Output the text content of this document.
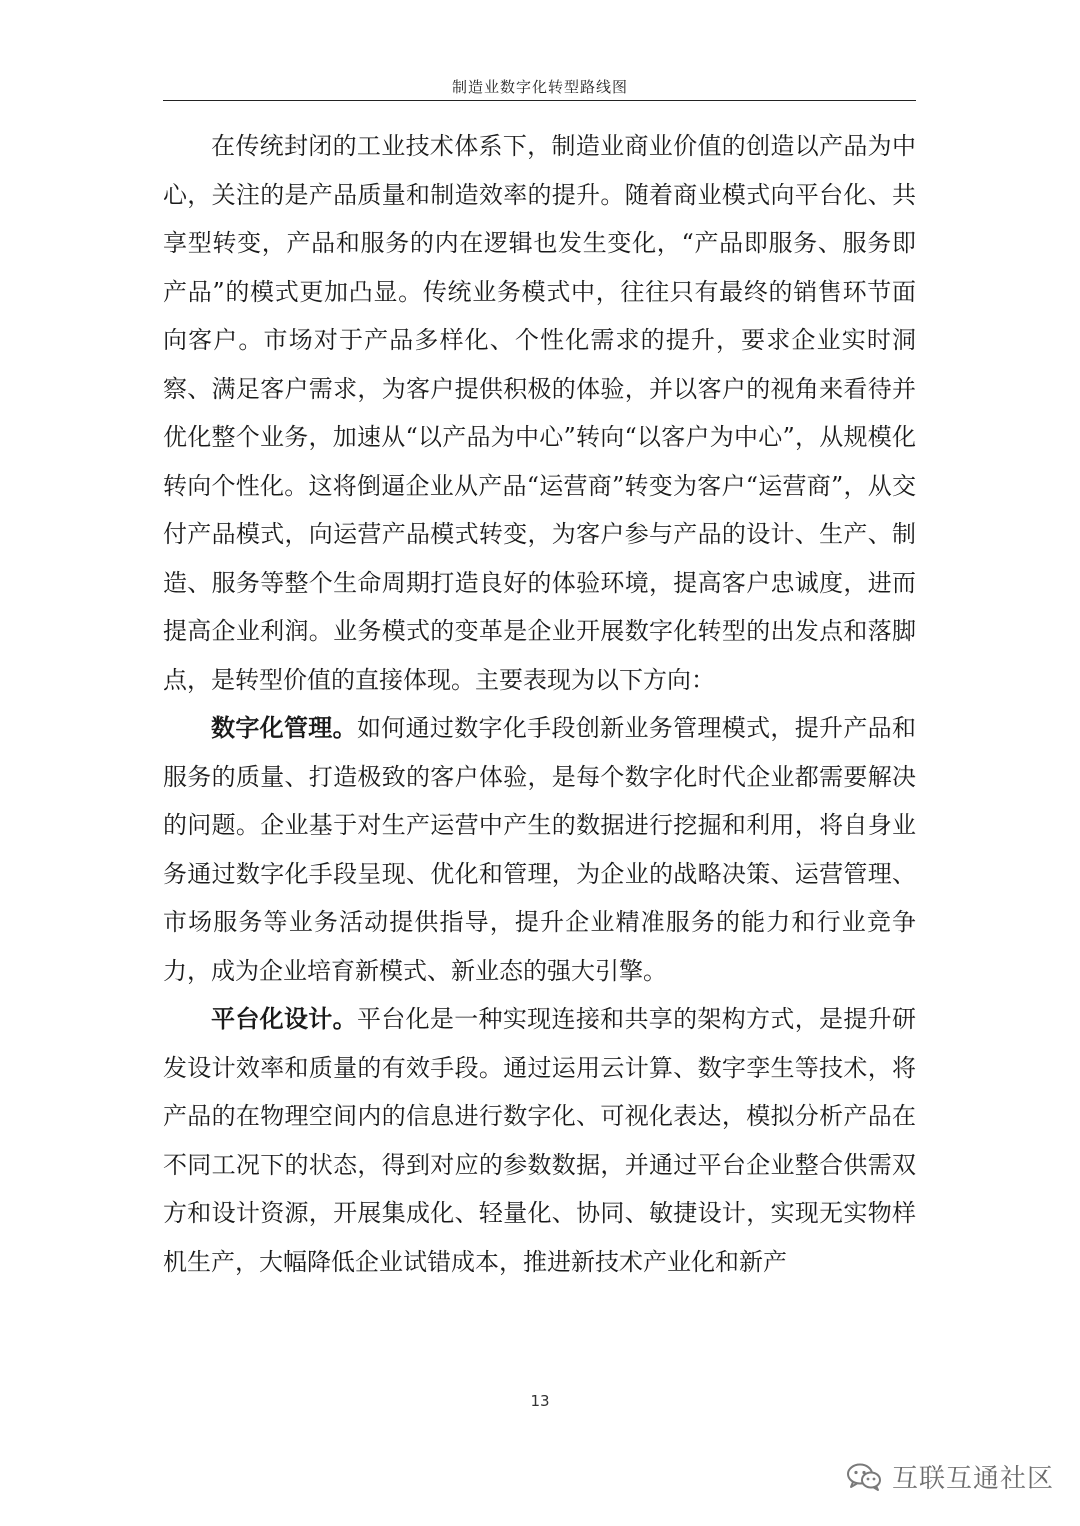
制造业数字化转型路线图

在传统封闭的工业技术体系下，制造业商业价值的创造以产品为中心，关注的是产品质量和制造效率的提升。随着商业模式向平台化、共享型转变，产品和服务的内在逻辑也发生变化，“产品即服务、服务即产品”的模式更加凸显。传统业务模式中，往往只有最终的销售环节面向客户。市场对于产品多样化、个性化需求的提升，要求企业实时洞察、满足客户需求，为客户提供积极的体验，并以客户的视角来看待并优化整个业务，加速从“以产品为中心”转向“以客户为中心”，从规模化转向个性化。这将倒逼企业从产品“运营商”转变为客户“运营商”，从交付产品模式，向运营产品模式转变，为客户参与产品的设计、生产、制造、服务等整个生命周期打造良好的体验环境，提高客户忠诚度，进而提高企业利润。业务模式的变革是企业开展数字化转型的出发点和落脚点，是转型价值的直接体现。主要表现为以下方向：

数字化管理。如何通过数字化手段创新业务管理模式，提升产品和服务的质量、打造极致的客户体验，是每个数字化时代企业都需要解决的问题。企业基于对生产运营中产生的数据进行挖掘和利用，将自身业务通过数字化手段呈现、优化和管理，为企业的战略决策、运营管理、市场服务等业务活动提供指导，提升企业精准服务的能力和行业竞争力，成为企业培育新模式、新业态的强大引擎。

平台化设计。平台化是一种实现连接和共享的架构方式，是提升研发设计效率和质量的有效手段。通过运用云计算、数字孪生等技术，将产品的在物理空间内的信息进行数字化、可视化表达，模拟分析产品在不同工况下的状态，得到对应的参数数据，并通过平台企业整合供需双方和设计资源，开展集成化、轻量化、协同、敏捷设计，实现无实物样机生产，大幅降低企业试错成本，推进新技术产业化和新产

13
互联互通社区
